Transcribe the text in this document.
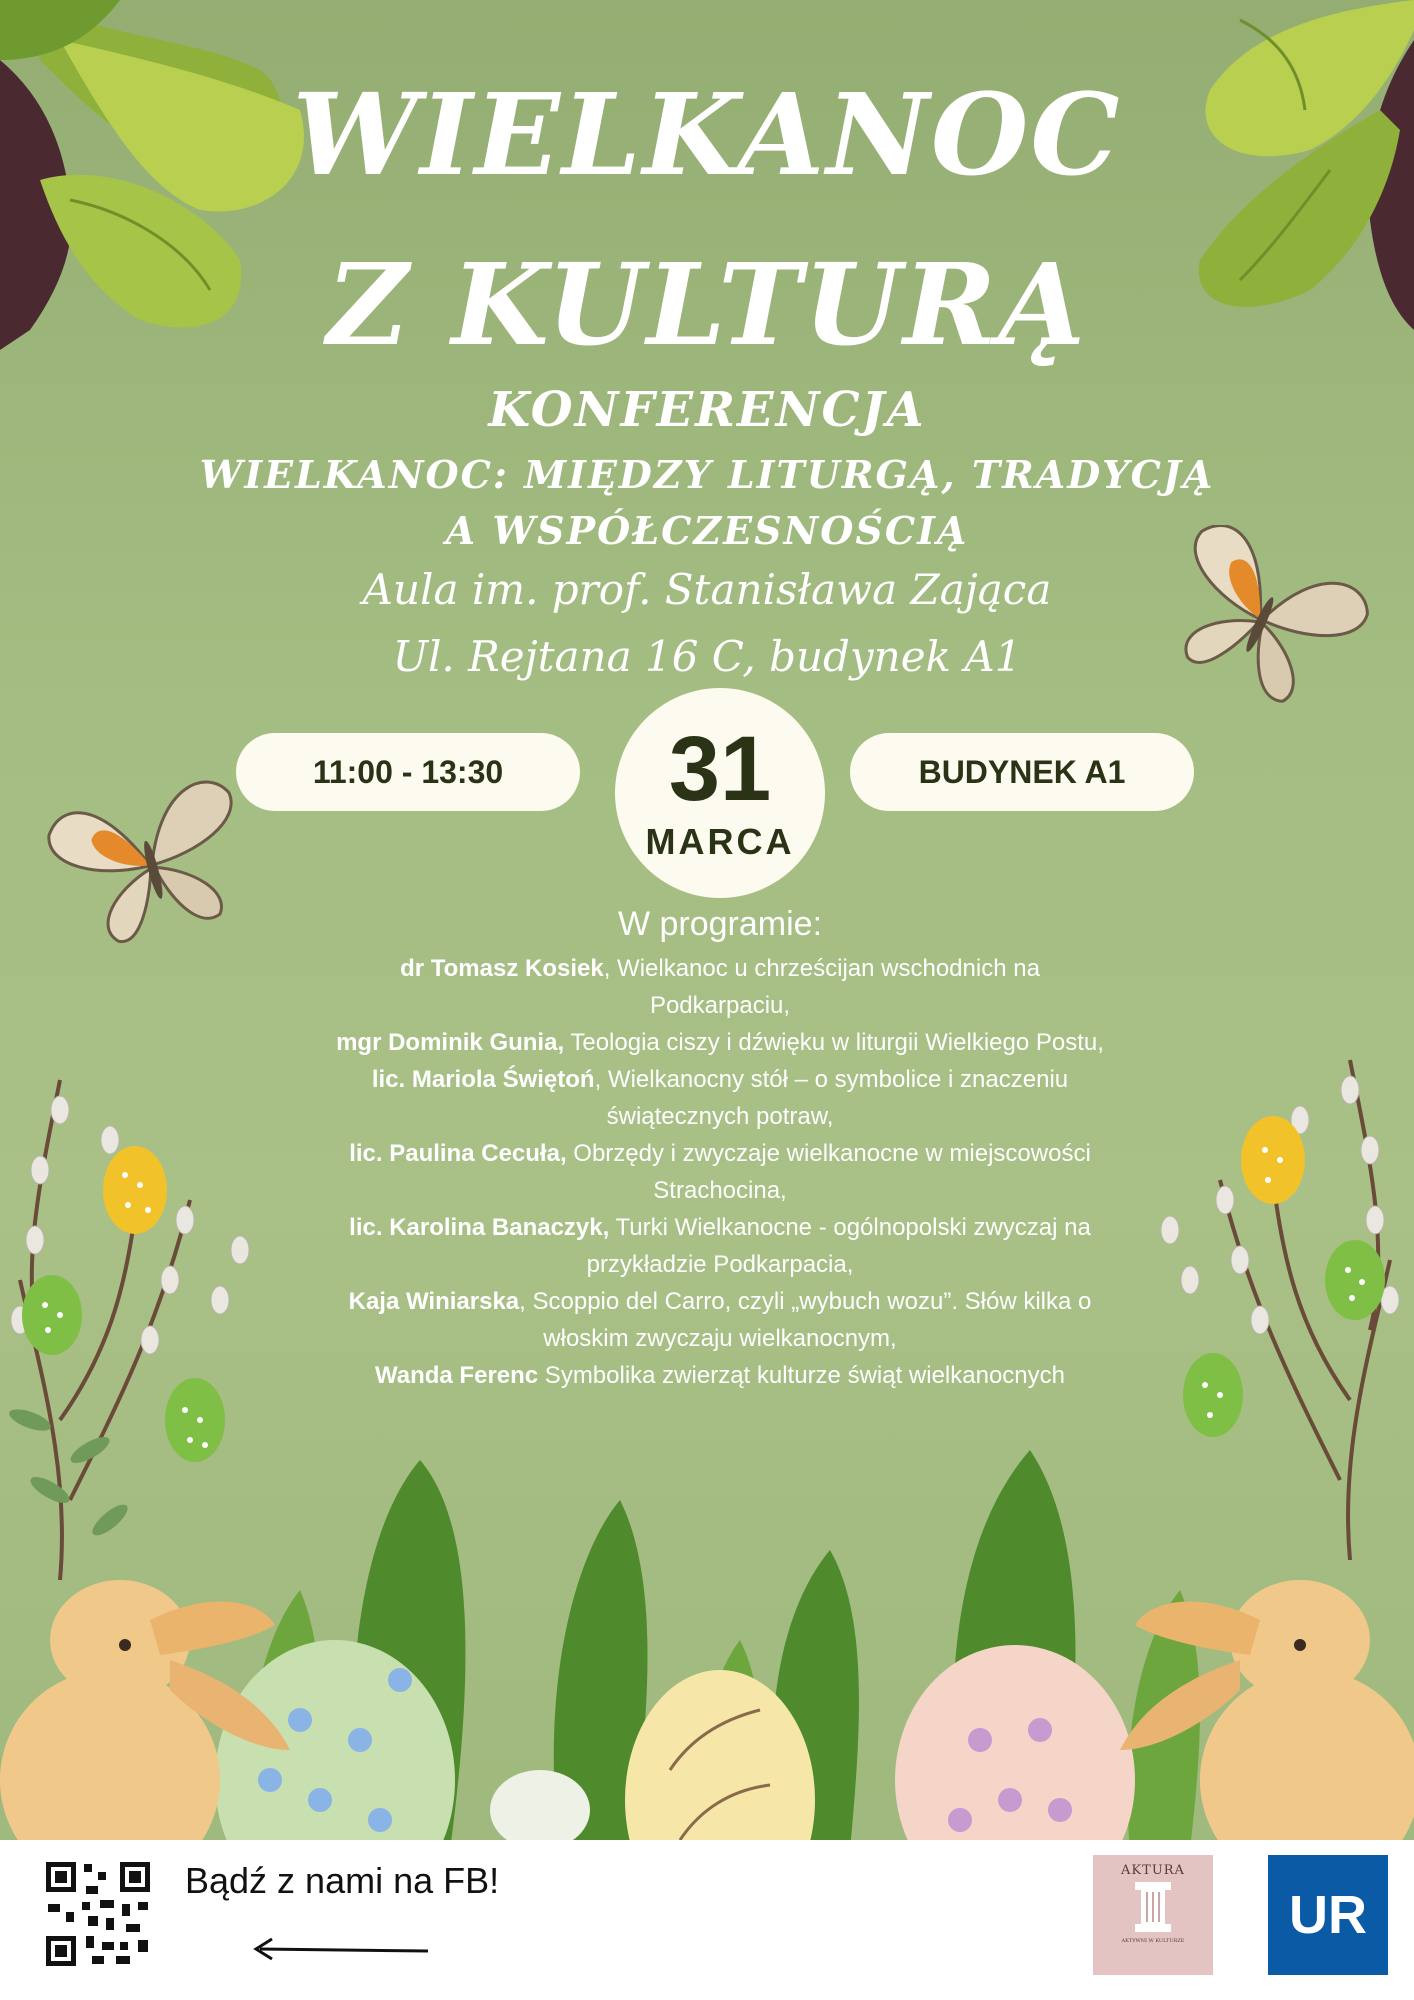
WIELKANOC
Z KULTURĄ
KONFERENCJA
WIELKANOC: MIĘDZY LITURGĄ, TRADYCJĄ
A WSPÓŁCZESNOŚCIĄ
Aula im. prof. Stanisława Zająca
Ul. Rejtana 16 C, budynek A1
11:00 - 13:30 31
MARCA
BUDYNEK A1
W programie:
dr Tomasz Kosiek, Wielkanoc u chrześcijan wschodnich na Podkarpaciu,
mgr Dominik Gunia, Teologia ciszy i dźwięku w liturgii Wielkiego Postu,
lic. Mariola Świętoń, Wielkanocny stół – o symbolice i znaczeniu świątecznych potraw,
lic. Paulina Cecuła, Obrzędy i zwyczaje wielkanocne w miejscowości Strachocina,
lic. Karolina Banaczyk, Turki Wielkanocne - ogólnopolski zwyczaj na przykładzie Podkarpacia,
Kaja Winiarska, Scoppio del Carro, czyli „wybuch wozu”. Słów kilka o włoskim zwyczaju wielkanocnym,
Wanda Ferenc Symbolika zwierząt kulturze świąt wielkanocnych
Bądź z nami na FB!	AKTURA
AKTYWNI W KULTURZE UR
